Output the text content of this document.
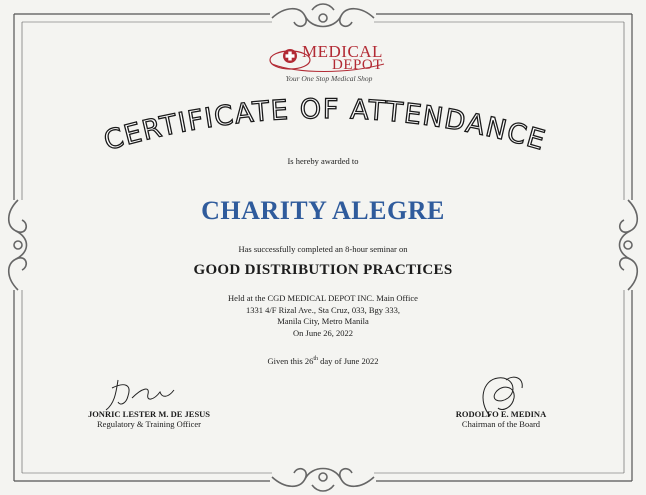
MEDICAL
DEPOT
Your One Stop Medical Shop
CERTIFICATE OF ATTENDANCE
Is hereby awarded to
CHARITY ALEGRE
Has successfully completed an 8-hour seminar on
GOOD DISTRIBUTION PRACTICES
Held at the CGD MEDICAL DEPOT INC. Main Office
1331 4/F Rizal Ave., Sta Cruz, 033, Bgy 333,
Manila City, Metro Manila
On June 26, 2022
Given this 26th day of June 2022
JONRIC LESTER M. DE JESUS
Regulatory & Training Officer
RODOLFO E. MEDINA
Chairman of the Board
